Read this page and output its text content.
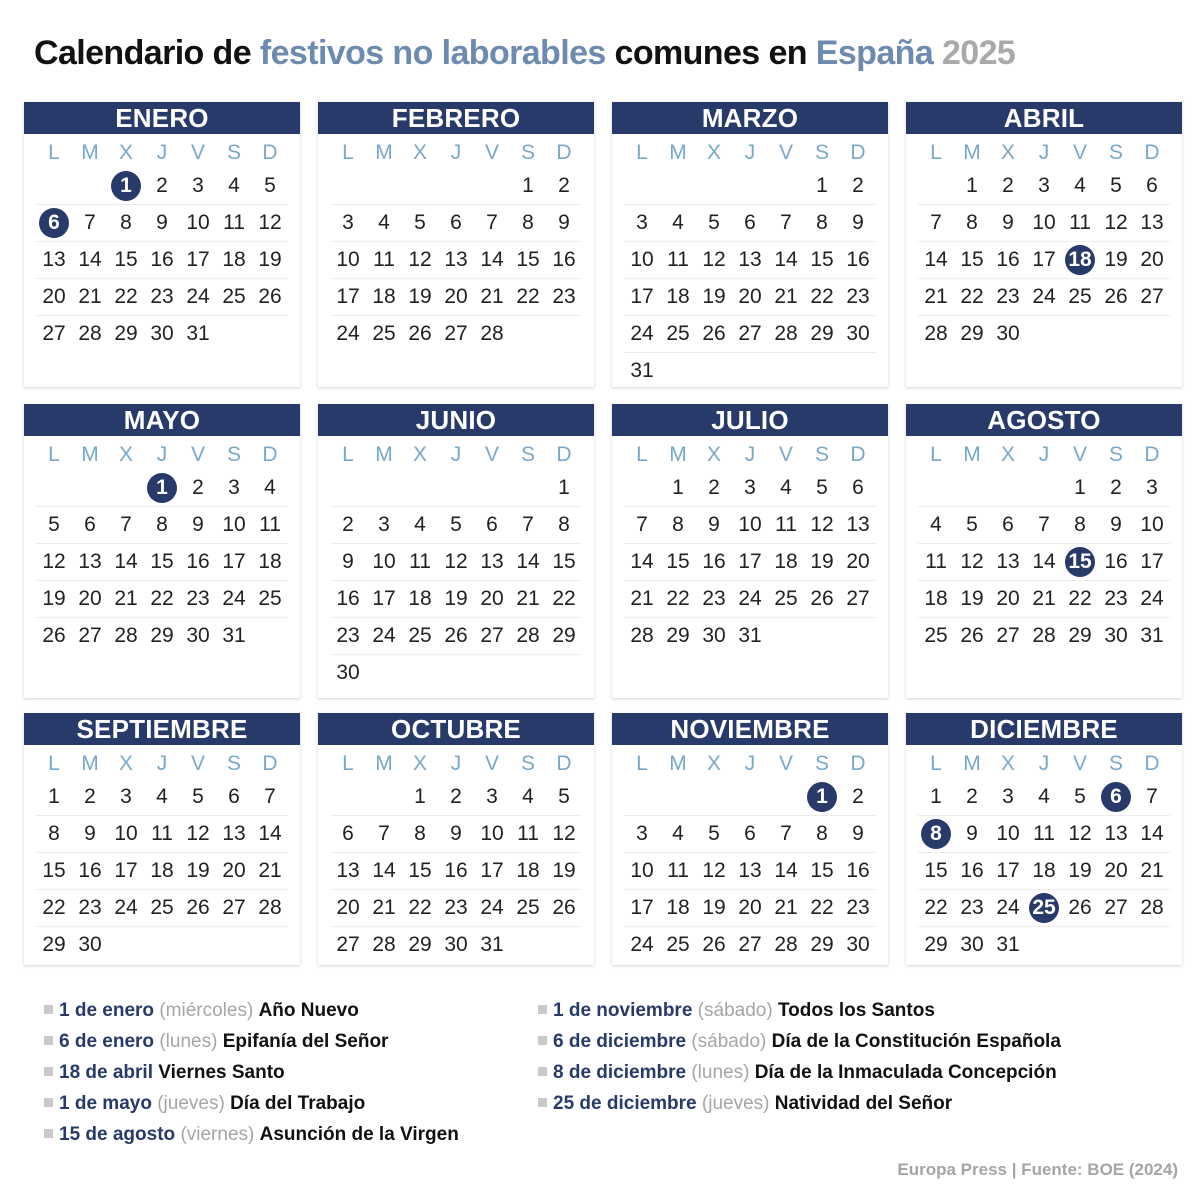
Calendario de festivos no laborables comunes en España 2025
ENERO
L	M	X	J	V	S	D
		1	2	3	4	5
6	7	8	9	10	11	12
13	14	15	16	17	18	19
20	21	22	23	24	25	26
27	28	29	30	31		
FEBRERO
L	M	X	J	V	S	D
					1	2
3	4	5	6	7	8	9
10	11	12	13	14	15	16
17	18	19	20	21	22	23
24	25	26	27	28		
MARZO
L	M	X	J	V	S	D
					1	2
3	4	5	6	7	8	9
10	11	12	13	14	15	16
17	18	19	20	21	22	23
24	25	26	27	28	29	30
31						
ABRIL
L	M	X	J	V	S	D
	1	2	3	4	5	6
7	8	9	10	11	12	13
14	15	16	17	18	19	20
21	22	23	24	25	26	27
28	29	30				
MAYO
L	M	X	J	V	S	D
			1	2	3	4
5	6	7	8	9	10	11
12	13	14	15	16	17	18
19	20	21	22	23	24	25
26	27	28	29	30	31	
JUNIO
L	M	X	J	V	S	D
						1
2	3	4	5	6	7	8
9	10	11	12	13	14	15
16	17	18	19	20	21	22
23	24	25	26	27	28	29
30						
JULIO
L	M	X	J	V	S	D
	1	2	3	4	5	6
7	8	9	10	11	12	13
14	15	16	17	18	19	20
21	22	23	24	25	26	27
28	29	30	31			
AGOSTO
L	M	X	J	V	S	D
				1	2	3
4	5	6	7	8	9	10
11	12	13	14	15	16	17
18	19	20	21	22	23	24
25	26	27	28	29	30	31
SEPTIEMBRE
L	M	X	J	V	S	D
1	2	3	4	5	6	7
8	9	10	11	12	13	14
15	16	17	18	19	20	21
22	23	24	25	26	27	28
29	30					
OCTUBRE
L	M	X	J	V	S	D
		1	2	3	4	5
6	7	8	9	10	11	12
13	14	15	16	17	18	19
20	21	22	23	24	25	26
27	28	29	30	31		
NOVIEMBRE
L	M	X	J	V	S	D
					1	2
3	4	5	6	7	8	9
10	11	12	13	14	15	16
17	18	19	20	21	22	23
24	25	26	27	28	29	30
DICIEMBRE
L	M	X	J	V	S	D
1	2	3	4	5	6	7
8	9	10	11	12	13	14
15	16	17	18	19	20	21
22	23	24	25	26	27	28
29	30	31				
1 de enero (miércoles) Año Nuevo
6 de enero (lunes) Epifanía del Señor
18 de abril Viernes Santo
1 de mayo (jueves) Día del Trabajo
15 de agosto (viernes) Asunción de la Virgen
1 de noviembre (sábado) Todos los Santos
6 de diciembre (sábado) Día de la Constitución Española
8 de diciembre (lunes) Día de la Inmaculada Concepción
25 de diciembre (jueves) Natividad del Señor
Europa Press | Fuente: BOE (2024)
